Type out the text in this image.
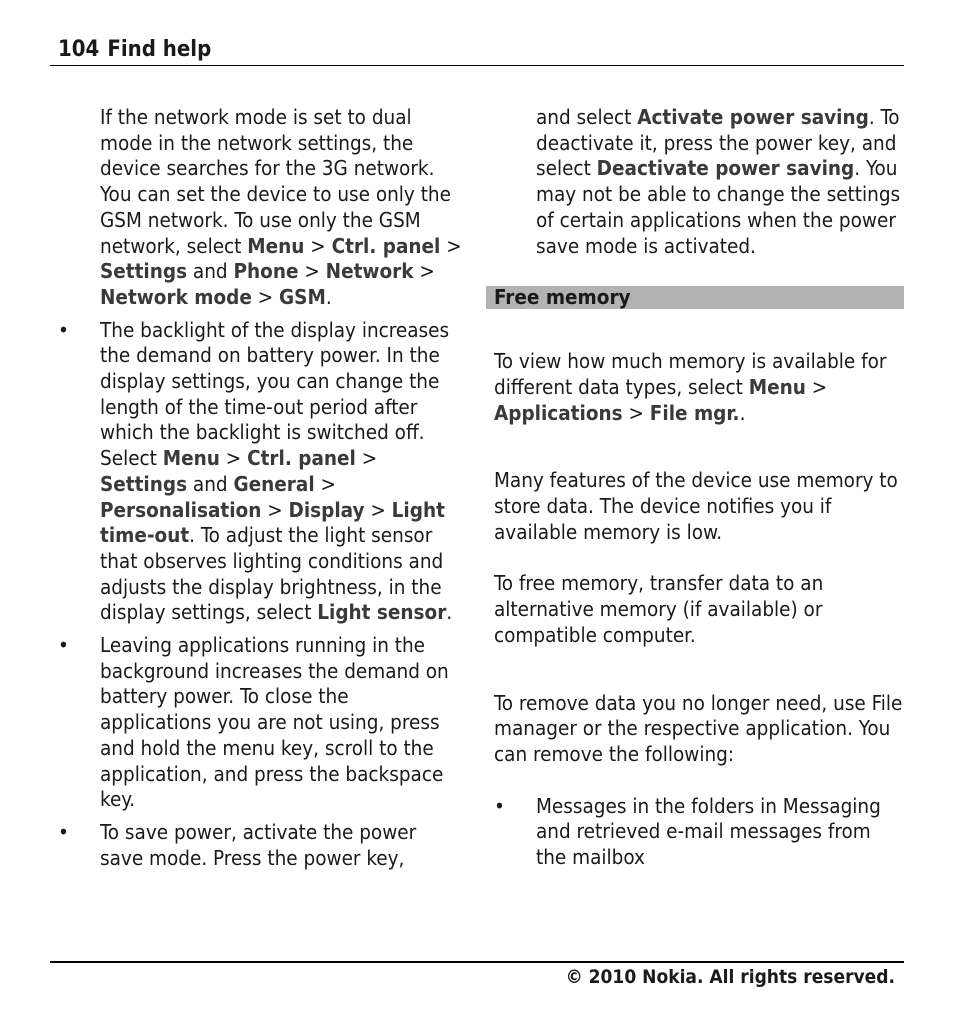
104 Find help

If the network mode is set to dual mode in the network settings, the device searches for the 3G network. You can set the device to use only the GSM network. To use only the GSM network, select Menu > Ctrl. panel > Settings and Phone > Network > Network mode > GSM.

• The backlight of the display increases the demand on battery power. In the display settings, you can change the length of the time-out period after which the backlight is switched off. Select Menu > Ctrl. panel > Settings and General > Personalisation > Display > Light time-out. To adjust the light sensor that observes lighting conditions and adjusts the display brightness, in the display settings, select Light sensor.
• Leaving applications running in the background increases the demand on battery power. To close the applications you are not using, press and hold the menu key, scroll to the application, and press the backspace key.
• To save power, activate the power save mode. Press the power key,

and select Activate power saving. To deactivate it, press the power key, and select Deactivate power saving. You may not be able to change the settings of certain applications when the power save mode is activated.

Free memory

To view how much memory is available for different data types, select Menu > Applications > File mgr..

Many features of the device use memory to store data. The device notifies you if available memory is low.

To free memory, transfer data to an alternative memory (if available) or compatible computer.

To remove data you no longer need, use File manager or the respective application. You can remove the following:

• Messages in the folders in Messaging and retrieved e-mail messages from the mailbox
© 2010 Nokia. All rights reserved.
